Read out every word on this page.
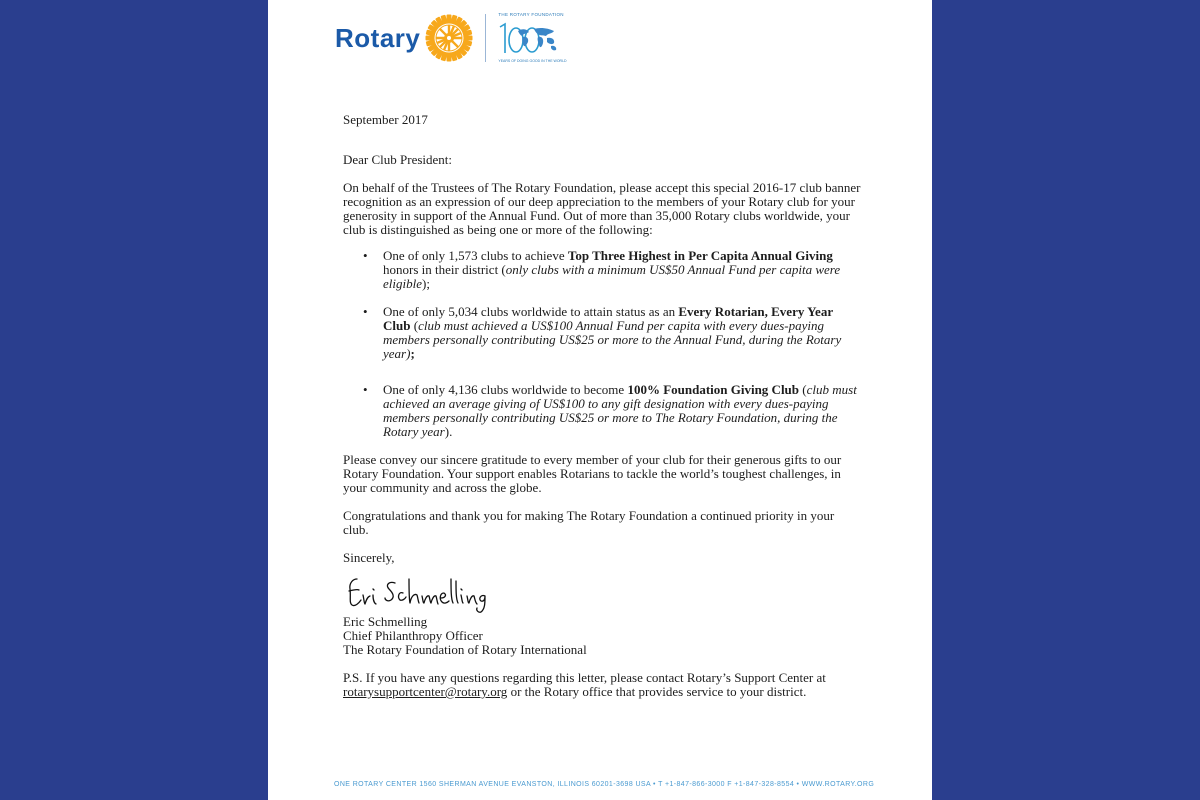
Rotary
THE ROTARY FOUNDATION
YEARS OF DOING GOOD IN THE WORLD

September 2017

Dear Club President:

On behalf of the Trustees of The Rotary Foundation, please accept this special 2016-17 club banner recognition as an expression of our deep appreciation to the members of your Rotary club for your generosity in support of the Annual Fund. Out of more than 35,000 Rotary clubs worldwide, your club is distinguished as being one or more of the following:

• One of only 1,573 clubs to achieve Top Three Highest in Per Capita Annual Giving honors in their district (only clubs with a minimum US$50 Annual Fund per capita were eligible);
• One of only 5,034 clubs worldwide to attain status as an Every Rotarian, Every Year Club (club must achieved a US$100 Annual Fund per capita with every dues-paying members personally contributing US$25 or more to the Annual Fund, during the Rotary year);
• One of only 4,136 clubs worldwide to become 100% Foundation Giving Club (club must achieved an average giving of US$100 to any gift designation with every dues-paying members personally contributing US$25 or more to The Rotary Foundation, during the Rotary year).

Please convey our sincere gratitude to every member of your club for their generous gifts to our Rotary Foundation. Your support enables Rotarians to tackle the world’s toughest challenges, in your community and across the globe.

Congratulations and thank you for making The Rotary Foundation a continued priority in your club.

Sincerely,

Eric Schmelling
Chief Philanthropy Officer
The Rotary Foundation of Rotary International

P.S. If you have any questions regarding this letter, please contact Rotary’s Support Center at rotarysupportcenter@rotary.org or the Rotary office that provides service to your district.

ONE ROTARY CENTER 1560 SHERMAN AVENUE EVANSTON, ILLINOIS 60201-3698 USA • T +1-847-866-3000 F +1-847-328-8554 • WWW.ROTARY.ORG
